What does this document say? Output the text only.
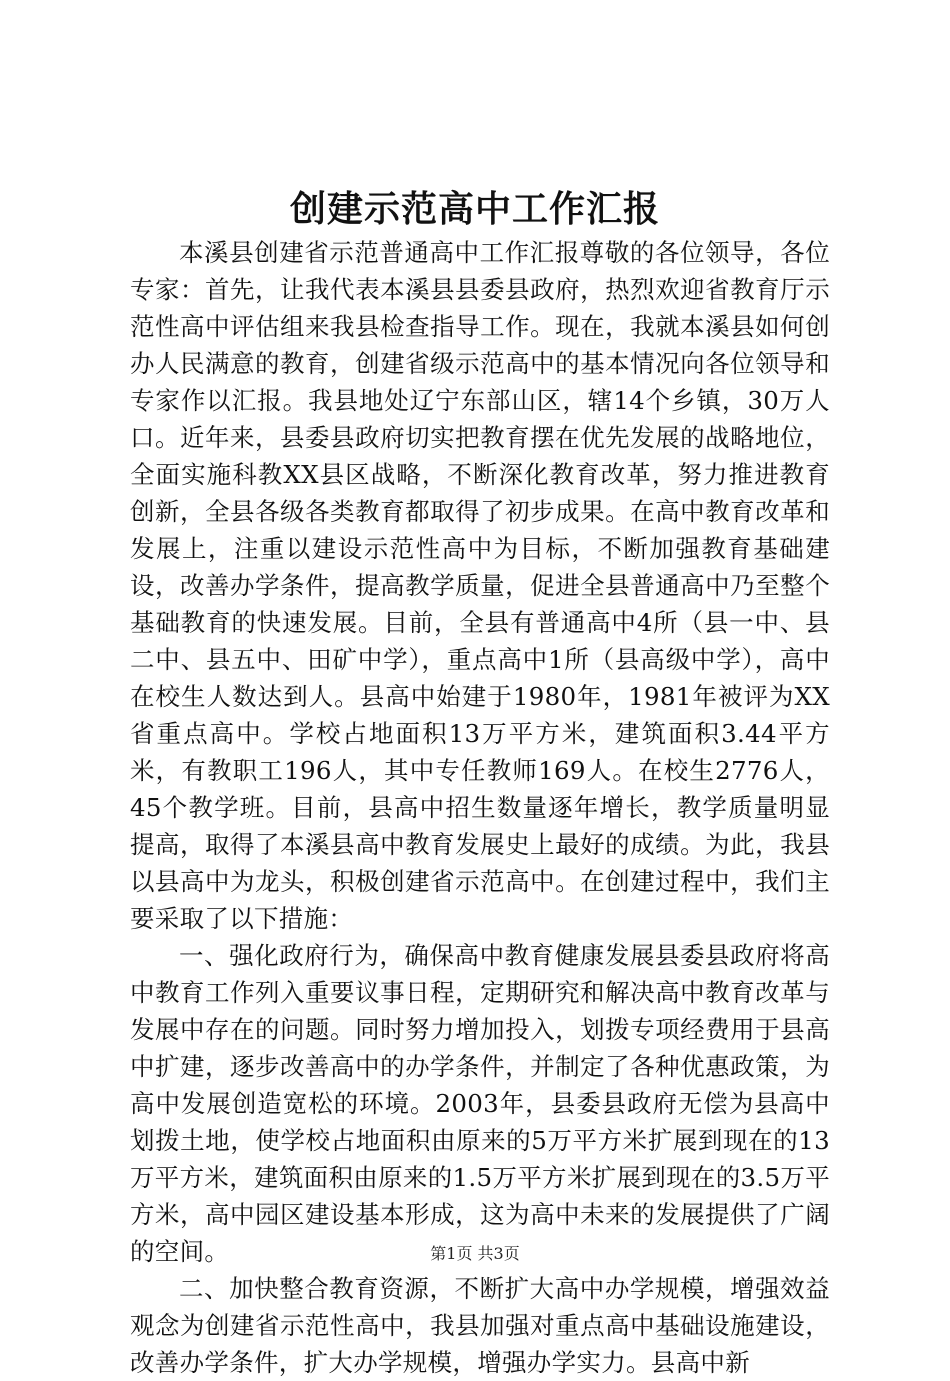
创建示范高中工作汇报

本溪县创建省示范普通高中工作汇报尊敬的各位领导，各位专家：首先，让我代表本溪县县委县政府，热烈欢迎省教育厅示范性高中评估组来我县检查指导工作。现在，我就本溪县如何创办人民满意的教育，创建省级示范高中的基本情况向各位领导和专家作以汇报。我县地处辽宁东部山区，辖14个乡镇，30万人口。近年来，县委县政府切实把教育摆在优先发展的战略地位，全面实施科教XX县区战略，不断深化教育改革，努力推进教育创新，全县各级各类教育都取得了初步成果。在高中教育改革和发展上，注重以建设示范性高中为目标，不断加强教育基础建设，改善办学条件，提高教学质量，促进全县普通高中乃至整个基础教育的快速发展。目前，全县有普通高中4所（县一中、县二中、县五中、田矿中学），重点高中1所（县高级中学），高中在校生人数达到人。县高中始建于1980年，1981年被评为XX省重点高中。学校占地面积13万平方米，建筑面积3.44平方米，有教职工196人，其中专任教师169人。在校生2776人，45个教学班。目前，县高中招生数量逐年增长，教学质量明显提高，取得了本溪县高中教育发展史上最好的成绩。为此，我县以县高中为龙头，积极创建省示范高中。在创建过程中，我们主要采取了以下措施：

一、强化政府行为，确保高中教育健康发展县委县政府将高中教育工作列入重要议事日程，定期研究和解决高中教育改革与发展中存在的问题。同时努力增加投入，划拨专项经费用于县高中扩建，逐步改善高中的办学条件，并制定了各种优惠政策，为高中发展创造宽松的环境。2003年，县委县政府无偿为县高中划拨土地，使学校占地面积由原来的5万平方米扩展到现在的13万平方米，建筑面积由原来的1.5万平方米扩展到现在的3.5万平方米，高中园区建设基本形成，这为高中未来的发展提供了广阔的空间。

二、加快整合教育资源，不断扩大高中办学规模，增强效益观念为创建省示范性高中，我县加强对重点高中基础设施建设，改善办学条件，扩大办学规模，增强办学实力。县高中新

第1页 共3页
